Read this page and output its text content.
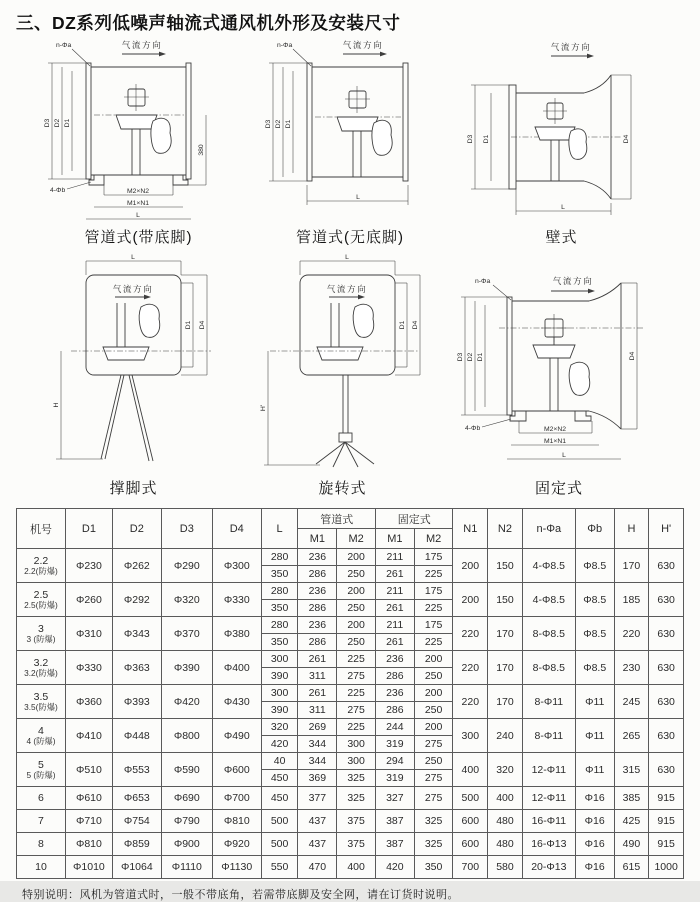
三、DZ系列低噪声轴流式通风机外形及安装尺寸
气流方向
n-Φa
D3 D2 D1
4-Φb	M2×N2
M1×N1
L
380
管道式(带底脚)
气流方向
n-Φa
D3 D2 D1
L
管道式(无底脚)
气流方向
D3 D1	D4
L
壁式
L
气流方向
H
D1 D4
撑脚式
L
气流方向
H'
D1 D4
旋转式
n-Φa	气流方向
D3 D2 D1
4-Φb	M2×N2
M1×N1
L
D4
固定式
机号	D1	D2	D3	D4	L	管道式		固定式		N1	N2	n-Φa	Φb	H	H'
						M1	M2	M1	M2						

2.2
2.2(防爆)	Φ230	Φ262	Φ290	Φ300	280	236	200	211	175	200	150	4-Φ8.5	Φ8.5	170	630
					350	286	250	261	225						

2.5
2.5(防爆)	Φ260	Φ292	Φ320	Φ330	280	236	200	211	175	200	150	4-Φ8.5	Φ8.5	185	630
					350	286	250	261	225						

3
3 (防爆)	Φ310	Φ343	Φ370	Φ380	280	236	200	211	175	220	170	8-Φ8.5	Φ8.5	220	630
					350	286	250	261	225						

3.2
3.2(防爆)	Φ330	Φ363	Φ390	Φ400	300	261	225	236	200	220	170	8-Φ8.5	Φ8.5	230	630
					390	311	275	286	250						

3.5
3.5(防爆)	Φ360	Φ393	Φ420	Φ430	300	261	225	236	200	220	170	8-Φ11	Φ11	245	630
					390	311	275	286	250						

4
4 (防爆)	Φ410	Φ448	Φ800	Φ490	320	269	225	244	200	300	240	8-Φ11	Φ11	265	630
					420	344	300	319	275						

5
5 (防爆)	Φ510	Φ553	Φ590	Φ600	40	344	300	294	250	400	320	12-Φ11	Φ11	315	630
					450	369	325	319	275						

6	Φ610	Φ653	Φ690	Φ700	450	377	325	327	275	500	400	12-Φ11	Φ16	385	915

7	Φ710	Φ754	Φ790	Φ810	500	437	375	387	325	600	480	16-Φ11	Φ16	425	915

8	Φ810	Φ859	Φ900	Φ920	500	437	375	387	325	600	480	16-Φ13	Φ16	490	915

10	Φ1010	Φ1064	Φ1110	Φ1130	550	470	400	420	350	700	580	20-Φ13	Φ16	615	1000
特别说明：风机为管道式时，一般不带底角，若需带底脚及安全网，请在订货时说明。
